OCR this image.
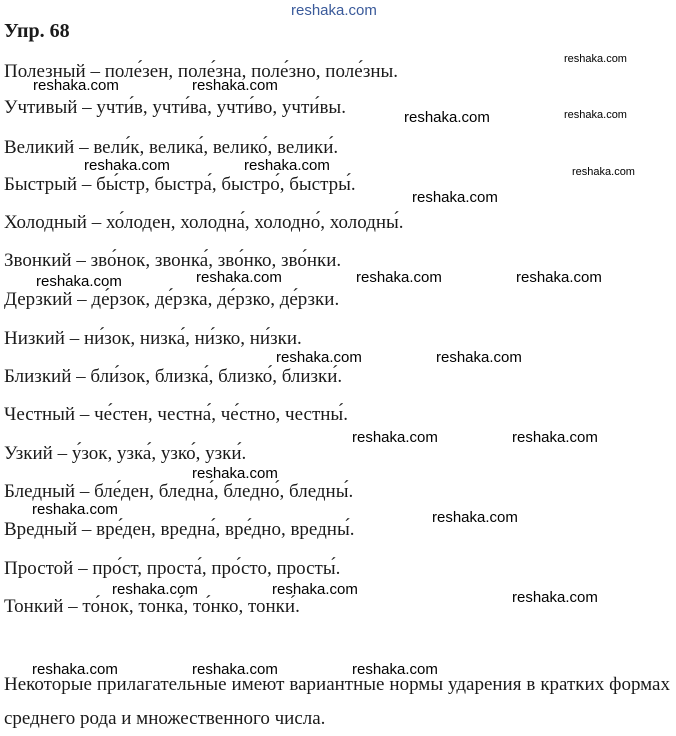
reshaka.com
Упр. 68
Полезный – поле́зен, поле́зна, поле́зно, поле́зны.
Учтивый – учти́в, учти́ва, учти́во, учти́вы.
Великий – вели́к, велика́, велико́, велики́.
Быстрый – бы́стр, быстра́, быстро́, быстры́.
Холодный – хо́лоден, холодна́, холодно́, холодны́.
Звонкий – зво́нок, звонка́, зво́нко, зво́нки.
Дерзкий – де́рзок, де́рзка, де́рзко, де́рзки.
Низкий – ни́зок, низка́, ни́зко, ни́зки.
Близкий – бли́зок, близка́, близко́, близки́.
Честный – че́стен, честна́, че́стно, честны́.
Узкий – у́зок, узка́, узко́, узки́.
Бледный – бле́ден, бледна́, бледно́, бледны́.
Вредный – вре́ден, вредна́, вре́дно, вредны́.
Простой – про́ст, проста́, про́сто, просты́.
Тонкий – то́нок, тонка́, то́нко, тонки́.
Некоторые прилагательные имеют вариантные нормы ударения в кратких формах среднего рода и множественного числа.
reshaka.com
reshaka.com	reshaka.com
reshaka.com	reshaka.com
reshaka.com	reshaka.com	reshaka.com
reshaka.com
reshaka.com	reshaka.com	reshaka.com	reshaka.com
reshaka.com	reshaka.com
reshaka.com	reshaka.com
reshaka.com
reshaka.com	reshaka.com
reshaka.com	reshaka.com	reshaka.com
reshaka.com	reshaka.com	reshaka.com
